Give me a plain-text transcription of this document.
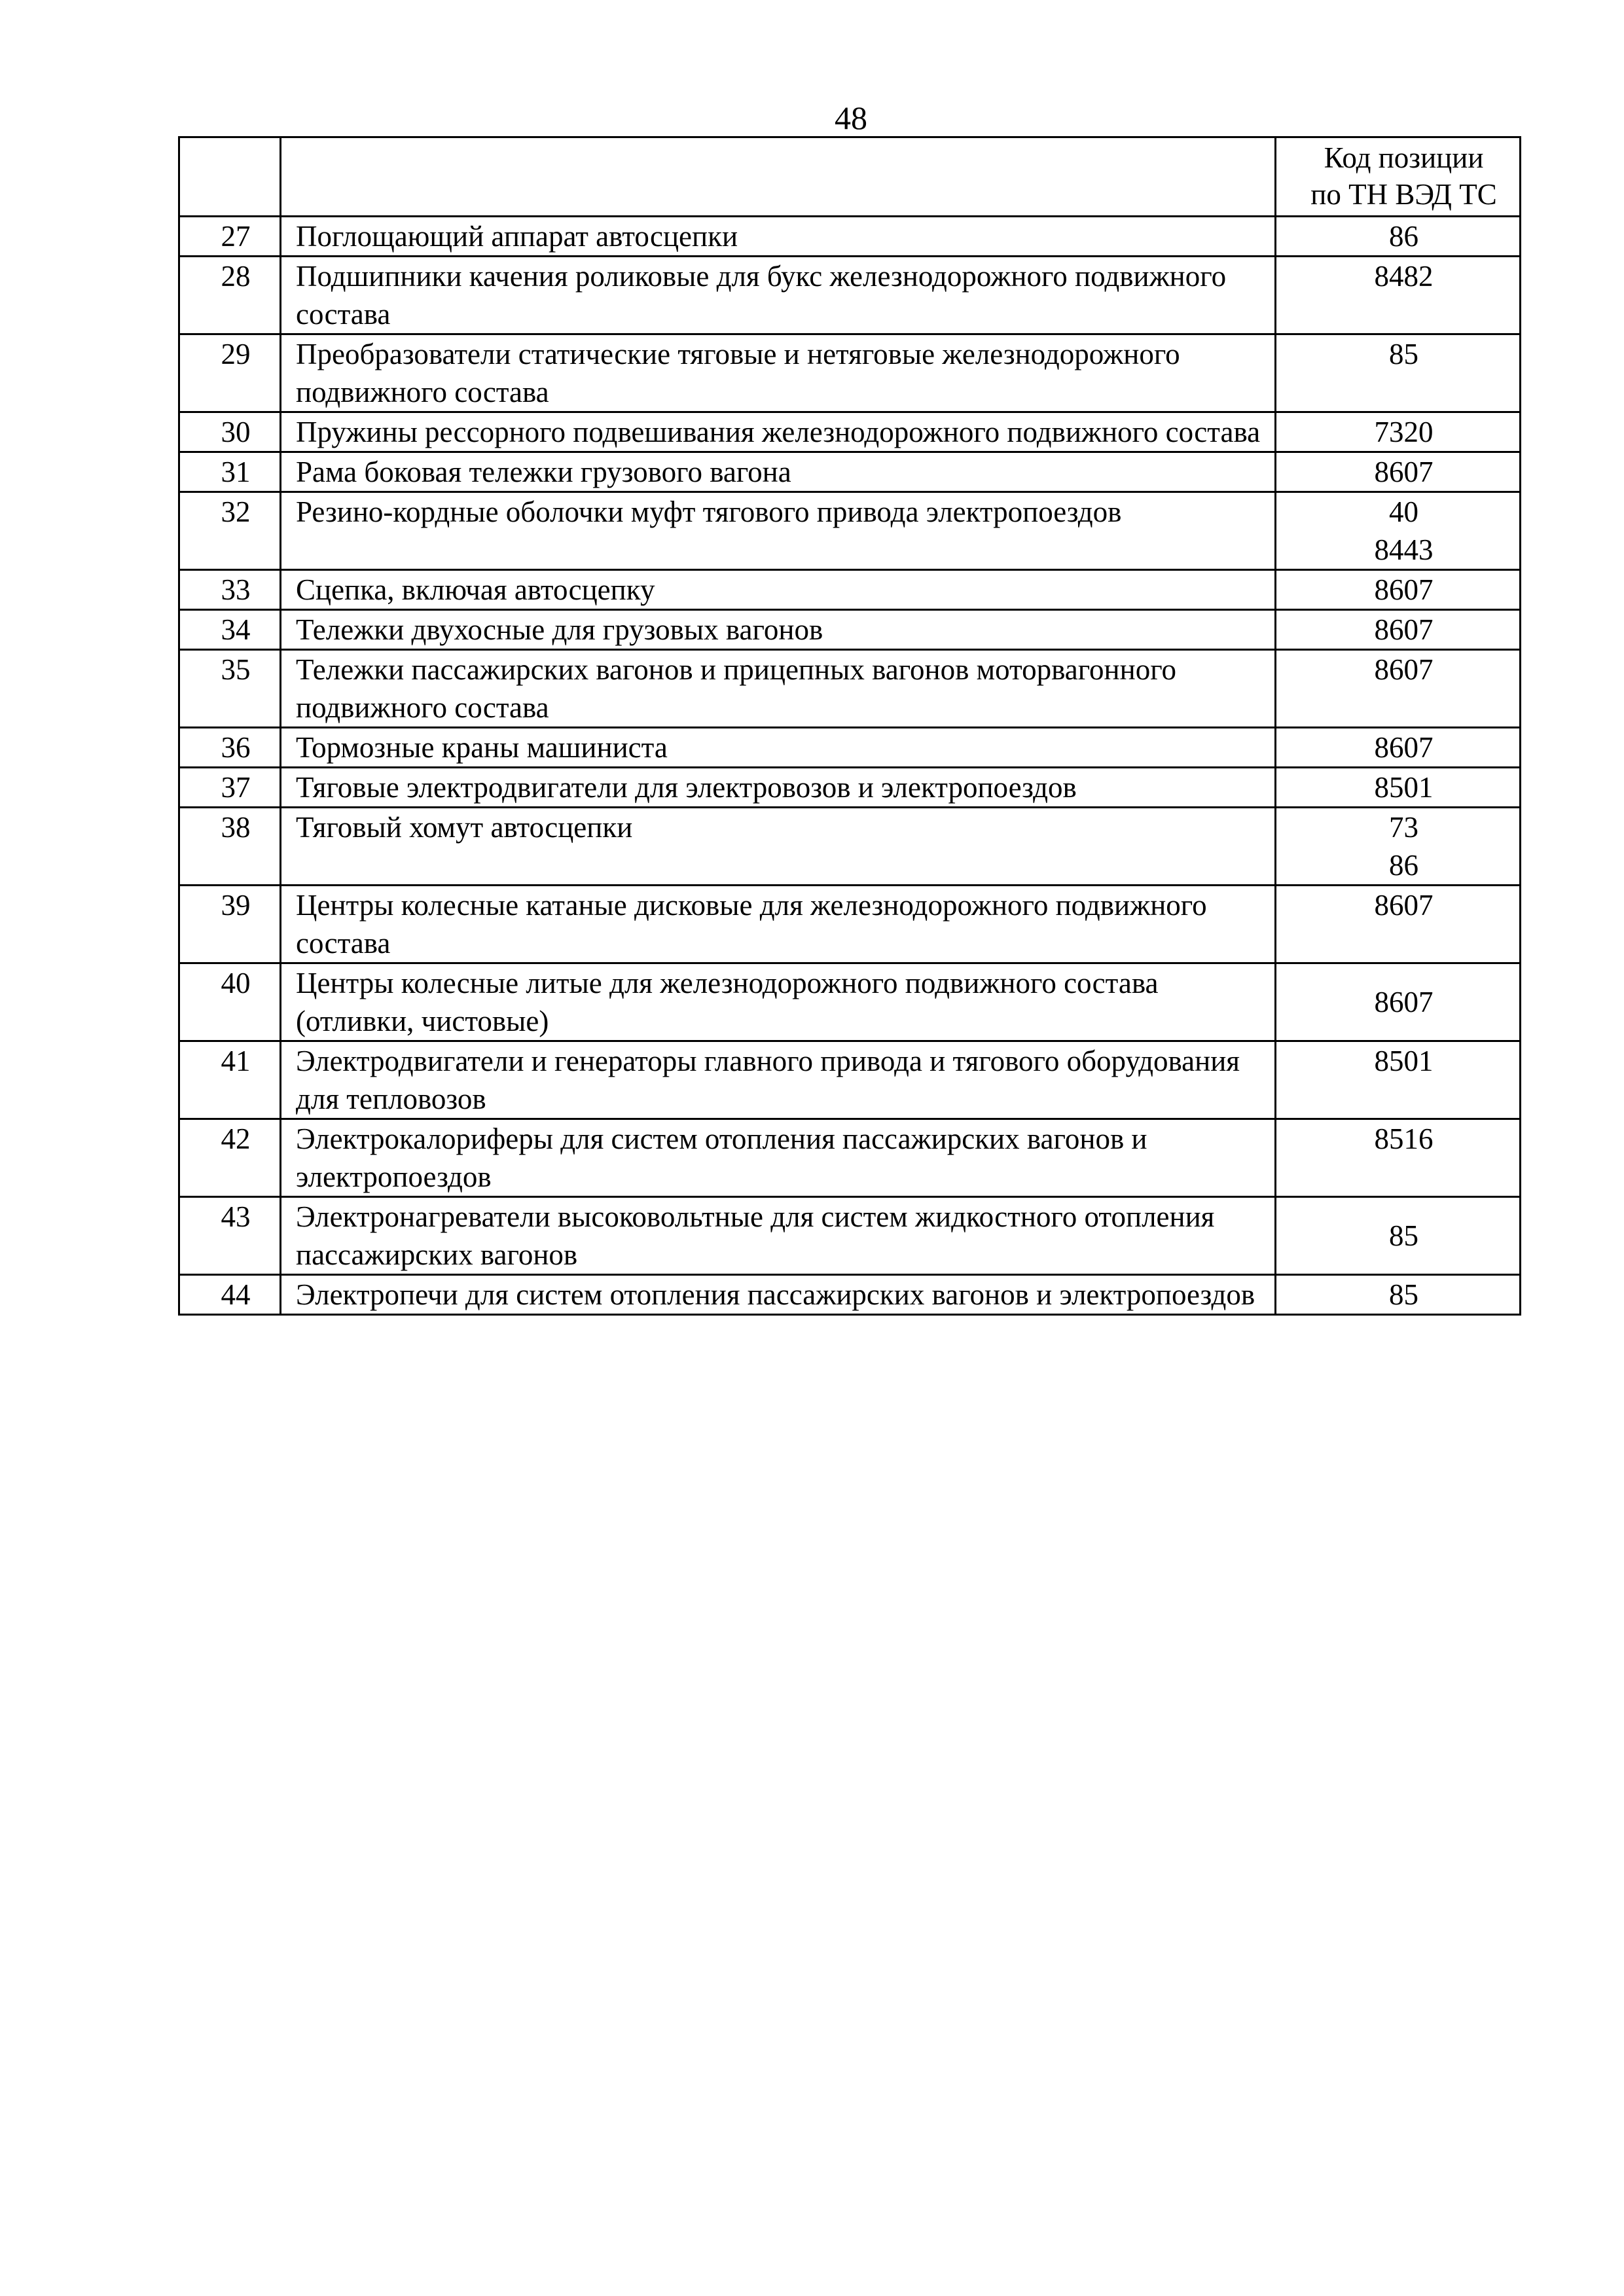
48

		Код позиции
по ТН ВЭД ТС

27	Поглощающий аппарат автосцепки	86

28	Подшипники качения роликовые для букс железнодорожного подвижного состава	8482

29	Преобразователи статические тяговые и нетяговые железнодорожного подвижного состава	85

30	Пружины рессорного подвешивания железнодорожного подвижного состава	7320

31	Рама боковая тележки грузового вагона	8607

32	Резино-кордные оболочки муфт тягового привода электропоездов	40
8443

33	Сцепка, включая автосцепку	8607

34	Тележки двухосные для грузовых вагонов	8607

35	Тележки пассажирских вагонов и прицепных вагонов моторвагонного подвижного состава	8607

36	Тормозные краны машиниста	8607

37	Тяговые электродвигатели для электровозов и электропоездов	8501

38	Тяговый хомут автосцепки	73
86

39	Центры колесные катаные дисковые для железнодорожного подвижного состава	8607

40	Центры колесные литые для железнодорожного подвижного состава (отливки, чистовые)	8607

41	Электродвигатели и генераторы главного привода и тягового оборудования для тепловозов	8501

42	Электрокалориферы для систем отопления пассажирских вагонов и электропоездов	8516

43	Электронагреватели высоковольтные для систем жидкостного отопления пассажирских вагонов	85

44	Электропечи для систем отопления пассажирских вагонов и электропоездов	85
